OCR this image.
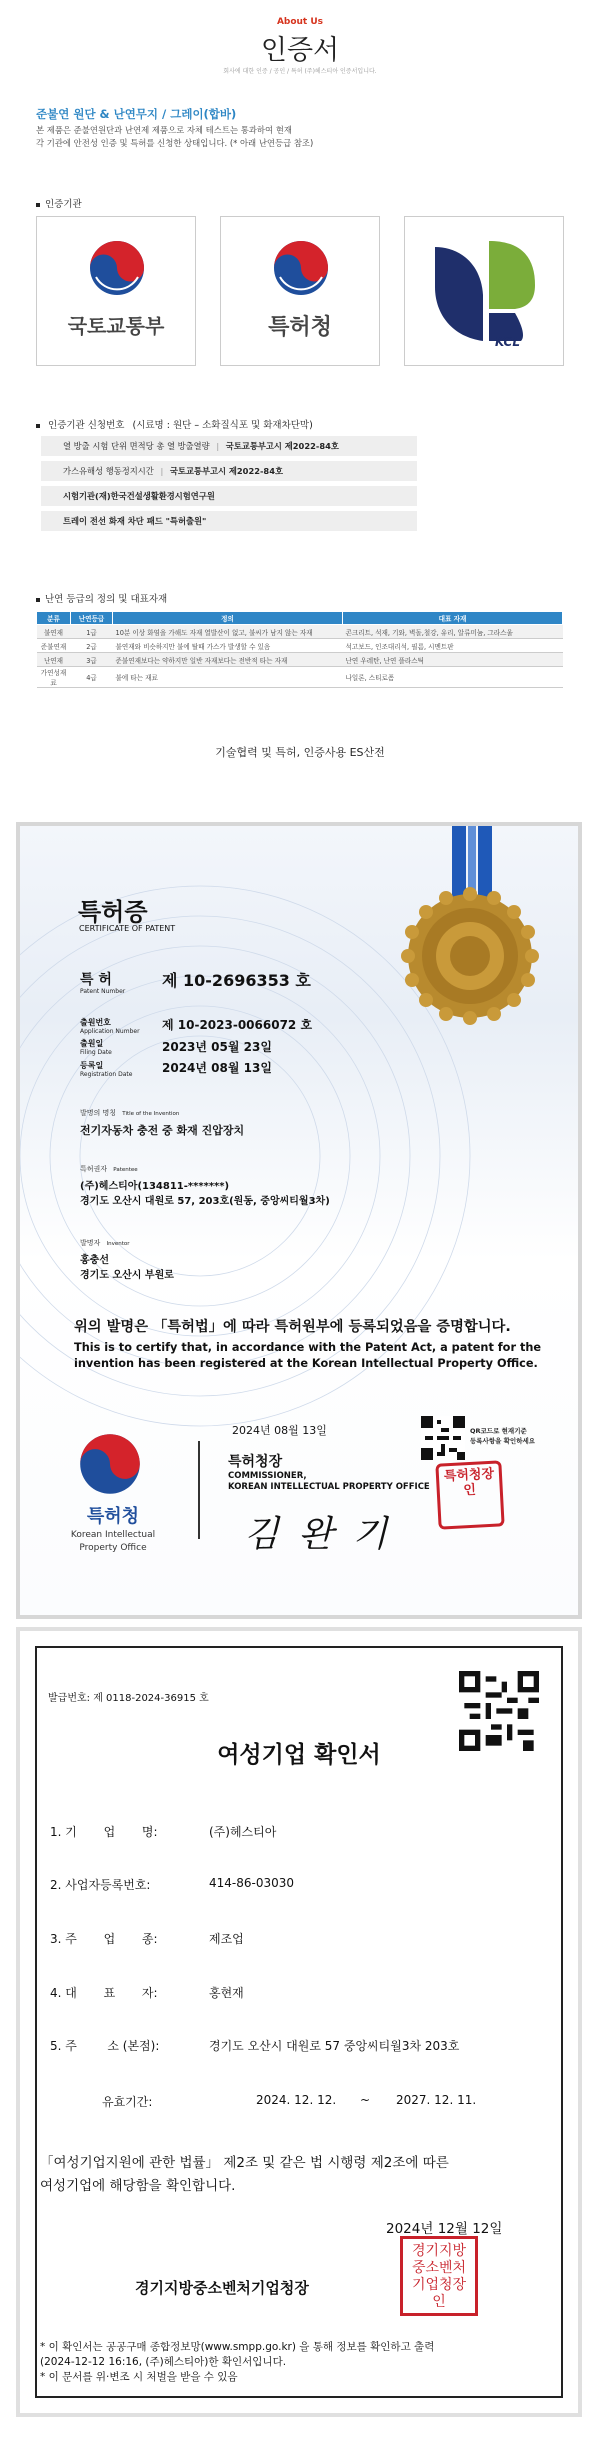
About Us
인증서
회사에 대한 인증 / 공인 / 특허 (주)헤스티아 인증서입니다.
준불연 원단 & 난연무지 / 그레이(합바)
본 제품은 준불연원단과 난연제 제품으로 자체 테스트는 통과하여 현재
각 기관에 안전성 인증 및 특허를 신청한 상태입니다. (* 아래 난연등급 참조)
인증기관
국토교통부	특허청
KCL
인증기관 신청번호 (시료명 : 원단 – 소화질식포 및 화재차단막)
열 방출 시험 단위 면적당 총 열 방출열량 | 국토교통부고시 제2022-84호
가스유해성 행동정지시간 | 국토교통부고시 제2022-84호
시험기관(재)한국건설생활환경시험연구원
트레이 전선 화재 차단 패드 "특허출원"
난연 등급의 정의 및 대표자재
분류	난연등급	정의	대표 자재
불연재	1급	10분 이상 화염을 가해도 자재 열발산이 없고, 불씨가 남지 않는 자재	콘크리트, 석재, 기와, 벽돌,철강, 유리, 알류미늄, 그라스울
준불연재	2급	불연재와 비슷하지만 불에 탈때 가스가 발생할 수 있음	석고보드, 인조대리석, 필름, 시멘트판
난연재	3급	준불연재보다는 약하지만 일반 자재보다는 전반적 타는 자재	난연 우레탄, 난연 플라스틱
가연성재료	4급	불에 타는 재료	나일론, 스티로폼
기술협력 및 특허, 인증사용 ES산전
특허증
CERTIFICATE OF PATENT
특 허
Patent Number
제 10-2696353 호
출원번호
Application Number 제 10-2023-0066072 호
출원일
Filing Date	2023년 05월 23일
등록일
Registration Date 2024년 08월 13일
발명의 명칭 Title of the Invention
전기자동차 충전 중 화재 진압장치
특허권자 Patentee
(주)헤스티아(134811-*******)
경기도 오산시 대원로 57, 203호(원동, 중앙씨티월3차)
발명자 Inventor
홍충선
경기도 오산시 부원로
위의 발명은 「특허법」에 따라 특허원부에 등록되었음을 증명합니다.
This is to certify that, in accordance with the Patent Act, a patent for the
invention has been registered at the Korean Intellectual Property Office.
특허청
Korean Intellectual
Property Office
2024년 08월 13일	QR코드로 현재기준
등록사항을 확인하세요
특허청장
COMMISSIONER,
KOREAN INTELLECTUAL PROPERTY OFFICE
김 완 기
특허청장인
발급번호: 제 0118-2024-36915 호
여성기업 확인서
1. 기 업       명:	(주)헤스티아
2. 사업자등록번호:	414-86-03030
3. 주 업       종:	제조업
4. 대 표       자:	홍현재
5. 주	소 (본점):	경기도 오산시 대원로 57 중앙씨티월3차 203호
유효기간:	2024. 12. 12. ~ 2027. 12. 11.
「여성기업지원에 관한 법률」 제2조 및 같은 법 시행령 제2조에 따른
여성기업에 해당함을 확인합니다.
2024년 12월 12일
경기지방중소벤처기업청장
경기지방중소벤처기업청장인
* 이 확인서는 공공구매 종합정보망(www.smpp.go.kr) 을 통해 정보를 확인하고 출력
(2024-12-12 16:16, (주)헤스티아)한 확인서입니다.
* 이 문서를 위·변조 시 처벌을 받을 수 있음
